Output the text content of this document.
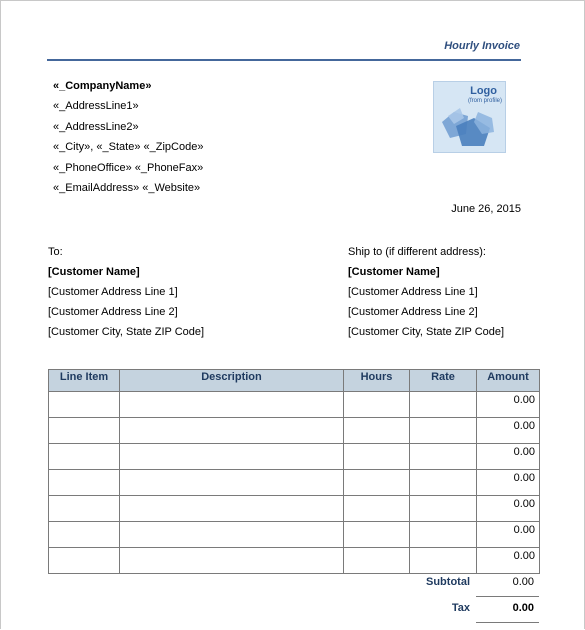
Hourly Invoice
«_CompanyName»
«_AddressLine1»
«_AddressLine2»
«_City», «_State» «_ZipCode»
«_PhoneOffice» «_PhoneFax»
«_EmailAddress» «_Website»
Logo
(from profile)
June 26, 2015
To:
[Customer Name]
[Customer Address Line 1]
[Customer Address Line 2]
[Customer City, State ZIP Code]
Ship to (if different address):
[Customer Name]
[Customer Address Line 1]
[Customer Address Line 2]
[Customer City, State ZIP Code]
Line Item	Description	Hours	Rate	Amount
				0.00
				0.00
				0.00
				0.00
				0.00
				0.00
				0.00
Subtotal	0.00
Tax	0.00
